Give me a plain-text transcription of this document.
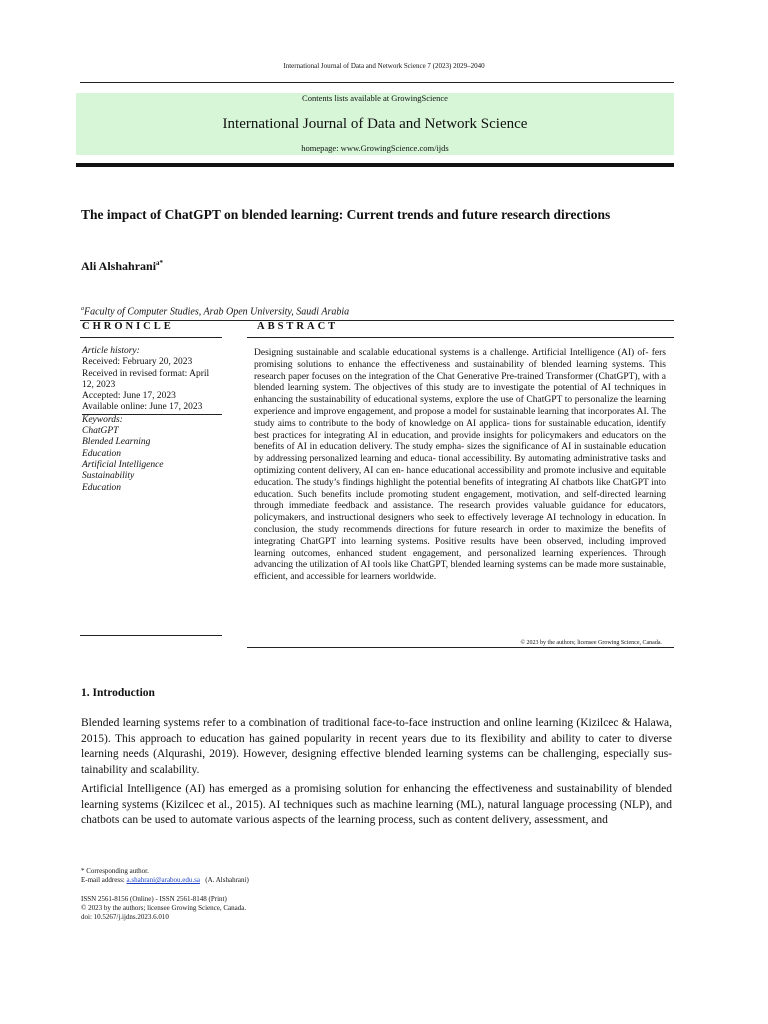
International Journal of Data and Network Science 7 (2023) 2029–2040
Contents lists available at GrowingScience
International Journal of Data and Network Science
homepage: www.GrowingScience.com/ijds
The impact of ChatGPT on blended learning: Current trends and future research directions
Ali Alshahrani$^{a*}$
$^a$Faculty of Computer Studies, Arab Open University, Saudi Arabia
CHRONICLE	ABSTRACT
Article history:
Received: February 20, 2023
Received in revised format: April 12, 2023
Accepted: June 17, 2023
Available online: June 17, 2023
Keywords:
ChatGPT
Blended Learning
Education
Artificial Intelligence
Sustainability
Education
Designing sustainable and scalable educational systems is a challenge. Artificial Intelligence (AI) of- fers promising solutions to enhance the effectiveness and sustainability of blended learning systems. This research paper focuses on the integration of the Chat Generative Pre-trained Transformer (ChatGPT), with a blended learning system. The objectives of this study are to investigate the potential of AI techniques in enhancing the sustainability of educational systems, explore the use of ChatGPT to personalize the learning experience and improve engagement, and propose a model for sustainable learning that incorporates AI. The study aims to contribute to the body of knowledge on AI applica- tions for sustainable education, identify best practices for integrating AI in education, and provide insights for policymakers and educators on the benefits of AI in education delivery. The study empha- sizes the significance of AI in sustainable education by addressing personalized learning and educa- tional accessibility. By automating administrative tasks and optimizing content delivery, AI can en- hance educational accessibility and promote inclusive and equitable education. The study’s findings highlight the potential benefits of integrating AI chatbots like ChatGPT into education. Such benefits include promoting student engagement, motivation, and self-directed learning through immediate feedback and assistance. The research provides valuable guidance for educators, policymakers, and instructional designers who seek to effectively leverage AI technology in education. In conclusion, the study recommends directions for future research in order to maximize the benefits of integrating ChatGPT into learning systems. Positive results have been observed, including improved learning outcomes, enhanced student engagement, and personalized learning experiences. Through advancing the utilization of AI tools like ChatGPT, blended learning systems can be made more sustainable, efficient, and accessible for learners worldwide.
© 2023 by the authors; licensee Growing Science, Canada.
1. Introduction
Blended learning systems refer to a combination of traditional face-to-face instruction and online learning (Kizilcec & Halawa, 2015). This approach to education has gained popularity in recent years due to its flexibility and ability to cater to diverse learning needs (Alqurashi, 2019). However, designing effective blended learning systems can be challenging, especially sus- tainability and scalability.
Artificial Intelligence (AI) has emerged as a promising solution for enhancing the effectiveness and sustainability of blended learning systems (Kizilcec et al., 2015). AI techniques such as machine learning (ML), natural language processing (NLP), and chatbots can be used to automate various aspects of the learning process, such as content delivery, assessment, and
* Corresponding author.
E-mail address: a.shahrani@arabou.edu.sa (A. Alshahrani)
ISSN 2561-8156 (Online) - ISSN 2561-8148 (Print)
© 2023 by the authors; licensee Growing Science, Canada.
doi: 10.5267/j.ijdns.2023.6.010
